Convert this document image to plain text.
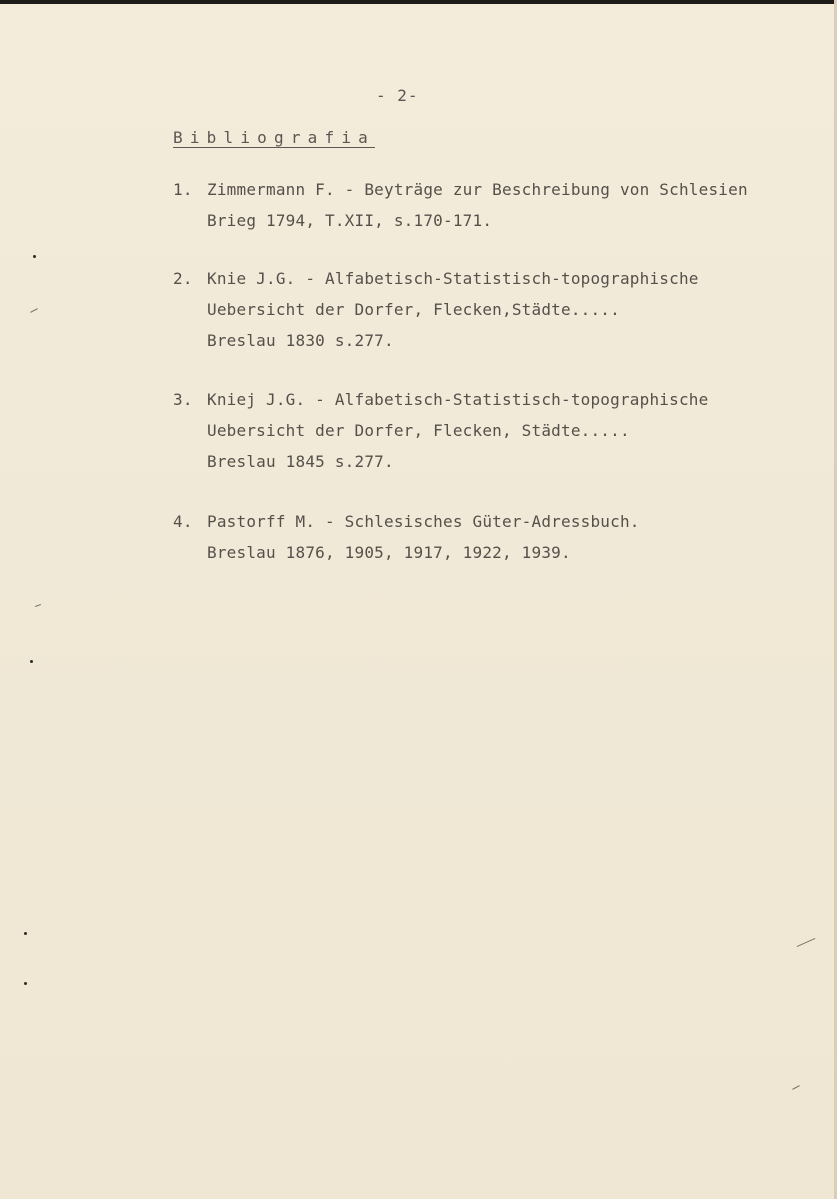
- 2-
Bibliografia
1. Zimmermann F. - Beyträge zur Beschreibung von Schlesien
Brieg 1794, T.XII, s.170-171.
2. Knie J.G. - Alfabetisch-Statistisch-topographische
Uebersicht der Dorfer, Flecken,Städte.....
Breslau 1830 s.277.
3. Kniej J.G. - Alfabetisch-Statistisch-topographische
Uebersicht der Dorfer, Flecken, Städte.....
Breslau 1845 s.277.
4. Pastorff M. - Schlesisches Güter-Adressbuch.
Breslau 1876, 1905, 1917, 1922, 1939.
